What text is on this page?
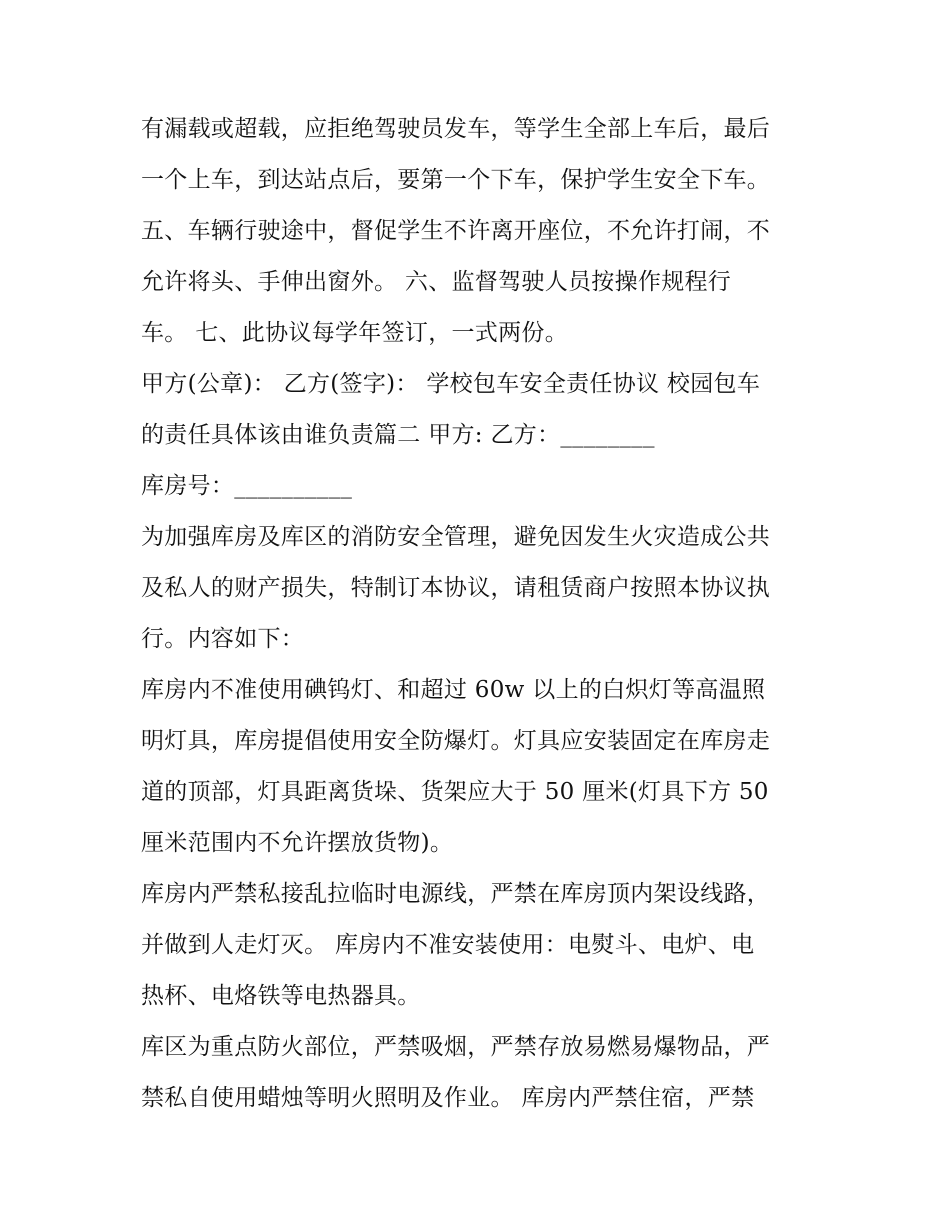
有漏载或超载，应拒绝驾驶员发车，等学生全部上车后，最后
一个上车，到达站点后，要第一个下车，保护学生安全下车。
五、车辆行驶途中，督促学生不许离开座位，不允许打闹，不
允许将头、手伸出窗外。 六、监督驾驶人员按操作规程行
车。 七、此协议每学年签订，一式两份。
甲方(公章)： 乙方(签字)： 学校包车安全责任协议 校园包车
的责任具体该由谁负责篇二 甲方: 乙方：________
库房号：__________
为加强库房及库区的消防安全管理，避免因发生火灾造成公共
及私人的财产损失，特制订本协议，请租赁商户按照本协议执
行。内容如下：
库房内不准使用碘钨灯、和超过 60w 以上的白炽灯等高温照
明灯具，库房提倡使用安全防爆灯。灯具应安装固定在库房走
道的顶部，灯具距离货垛、货架应大于 50 厘米(灯具下方 50
厘米范围内不允许摆放货物)。
库房内严禁私接乱拉临时电源线，严禁在库房顶内架设线路，
并做到人走灯灭。 库房内不准安装使用：电熨斗、电炉、电
热杯、电烙铁等电热器具。
库区为重点防火部位，严禁吸烟，严禁存放易燃易爆物品，严
禁私自使用蜡烛等明火照明及作业。 库房内严禁住宿，严禁
